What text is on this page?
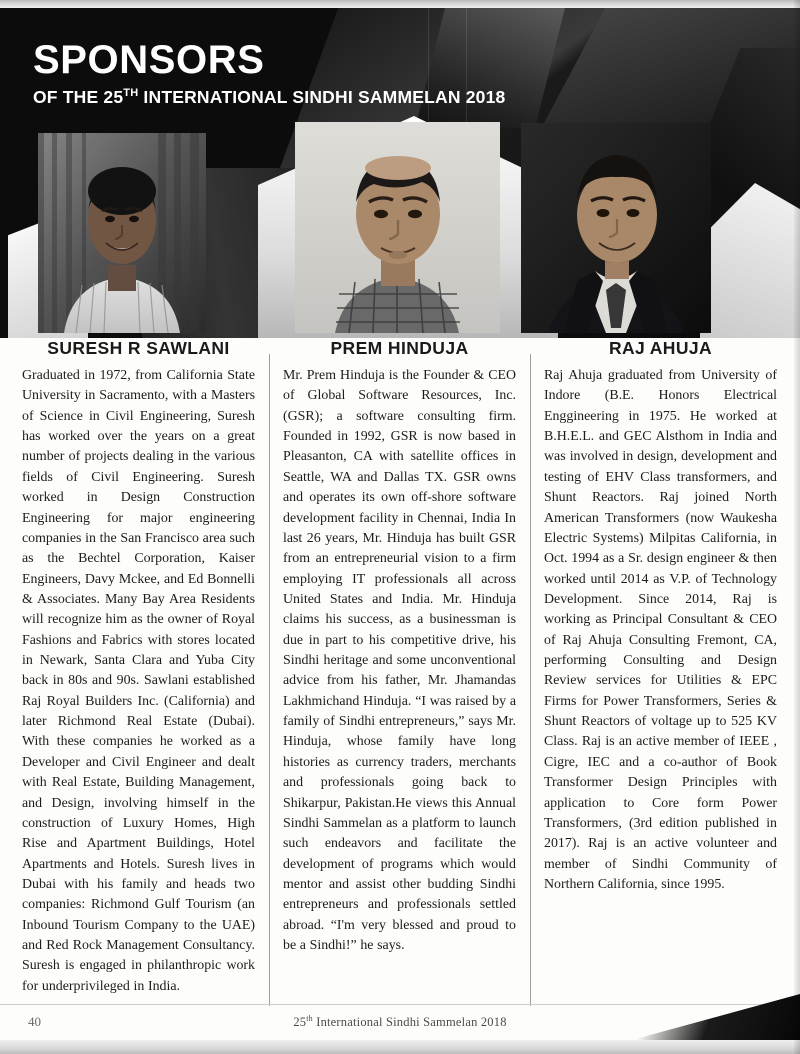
SPONSORS
OF THE 25TH INTERNATIONAL SINDHI SAMMELAN 2018
SURESH R SAWLANI
Graduated in 1972, from California State University in Sacramento, with a Masters of Science in Civil Engineering, Suresh has worked over the years on a great number of projects dealing in the various fields of Civil Engineering. Suresh worked in Design Construction Engineering for major engineering companies in the San Francisco area such as the Bechtel Corporation, Kaiser Engineers, Davy Mckee, and Ed Bonnelli & Associates. Many Bay Area Residents will recognize him as the owner of Royal Fashions and Fabrics with stores located in Newark, Santa Clara and Yuba City back in 80s and 90s. Sawlani established Raj Royal Builders Inc. (California) and later Richmond Real Estate (Dubai). With these companies he worked as a Developer and Civil Engineer and dealt with Real Estate, Building Management, and Design, involving himself in the construction of Luxury Homes, High Rise and Apartment Buildings, Hotel Apartments and Hotels. Suresh lives in Dubai with his family and heads two companies: Richmond Gulf Tourism (an Inbound Tourism Company to the UAE) and Red Rock Management Consultancy. Suresh is engaged in philanthropic work for underprivileged in India.
PREM HINDUJA
Mr. Prem Hinduja is the Founder & CEO of Global Software Resources, Inc. (GSR); a software consulting firm. Founded in 1992, GSR is now based in Pleasanton, CA with satellite offices in Seattle, WA and Dallas TX. GSR owns and operates its own off-shore software development facility in Chennai, India In last 26 years, Mr. Hinduja has built GSR from an entrepreneurial vision to a firm employing IT professionals all across United States and India. Mr. Hinduja claims his success, as a businessman is due in part to his competitive drive, his Sindhi heritage and some unconventional advice from his father, Mr. Jhamandas Lakhmichand Hinduja. “I was raised by a family of Sindhi entrepreneurs,” says Mr. Hinduja, whose family have long histories as currency traders, merchants and professionals going back to Shikarpur, Pakistan.He views this Annual Sindhi Sammelan as a platform to launch such endeavors and facilitate the development of programs which would mentor and assist other budding Sindhi entrepreneurs and professionals settled abroad. “I'm very blessed and proud to be a Sindhi!” he says.
RAJ AHUJA
Raj Ahuja graduated from University of Indore (B.E. Honors Electrical Enggineering in 1975. He worked at B.H.E.L. and GEC Alsthom in India and was involved in design, development and testing of EHV Class transformers, and Shunt Reactors. Raj joined North American Transformers (now Waukesha Electric Systems) Milpitas California, in Oct. 1994 as a Sr. design engineer & then worked until 2014 as V.P. of Technology Development. Since 2014, Raj is working as Principal Consultant & CEO of Raj Ahuja Consulting Fremont, CA, performing Consulting and Design Review services for Utilities & EPC Firms for Power Transformers, Series & Shunt Reactors of voltage up to 525 KV Class. Raj is an active member of IEEE , Cigre, IEC and a co-author of Book Transformer Design Principles with application to Core form Power Transformers, (3rd edition published in 2017). Raj is an active volunteer and member of Sindhi Community of Northern California, since 1995.
40	25th International Sindhi Sammelan 2018
